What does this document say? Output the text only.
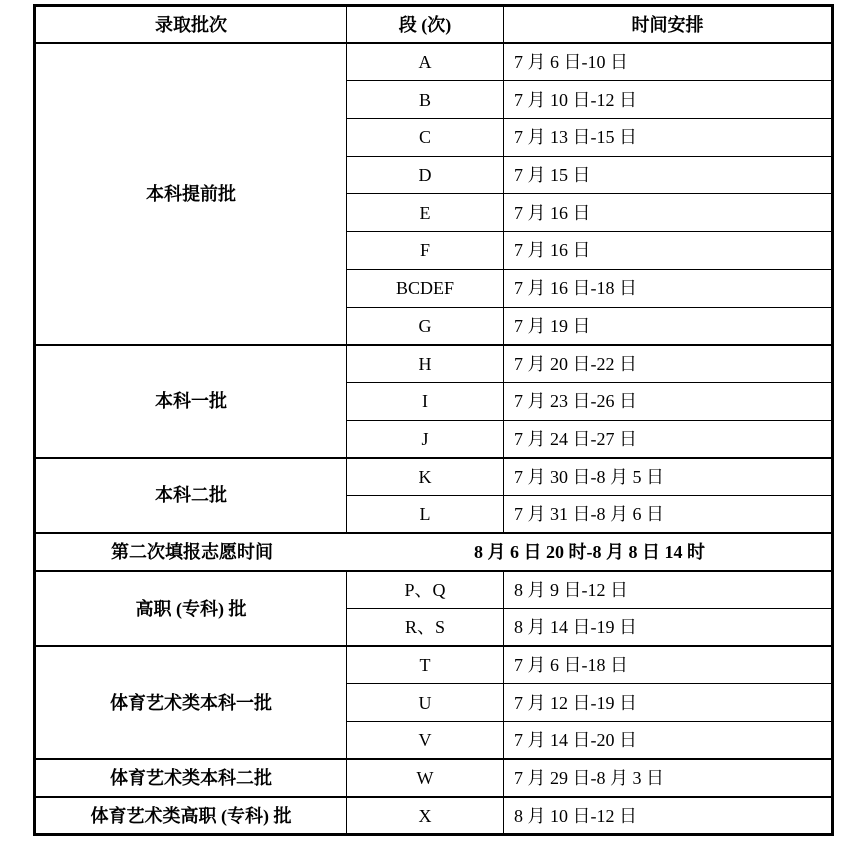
录取批次	段 (次)	时间安排
本科提前批	A	7 月 6 日-10 日
	B	7 月 10 日-12 日
	C	7 月 13 日-15 日
	D	7 月 15 日
	E	7 月 16 日
	F	7 月 16 日
	BCDEF	7 月 16 日-18 日
	G	7 月 19 日
本科一批	H	7 月 20 日-22 日
	I	7 月 23 日-26 日
	J	7 月 24 日-27 日
本科二批	K	7 月 30 日-8 月 5 日
	L	7 月 31 日-8 月 6 日

第二次填报志愿时间 8 月 6 日 20 时-8 月 8 日 14 时		

高职 (专科) 批	P、Q	8 月 9 日-12 日
	R、S	8 月 14 日-19 日
体育艺术类本科一批	T	7 月 6 日-18 日
	U	7 月 12 日-19 日
	V	7 月 14 日-20 日
体育艺术类本科二批	W	7 月 29 日-8 月 3 日
体育艺术类高职 (专科) 批	X	8 月 10 日-12 日
